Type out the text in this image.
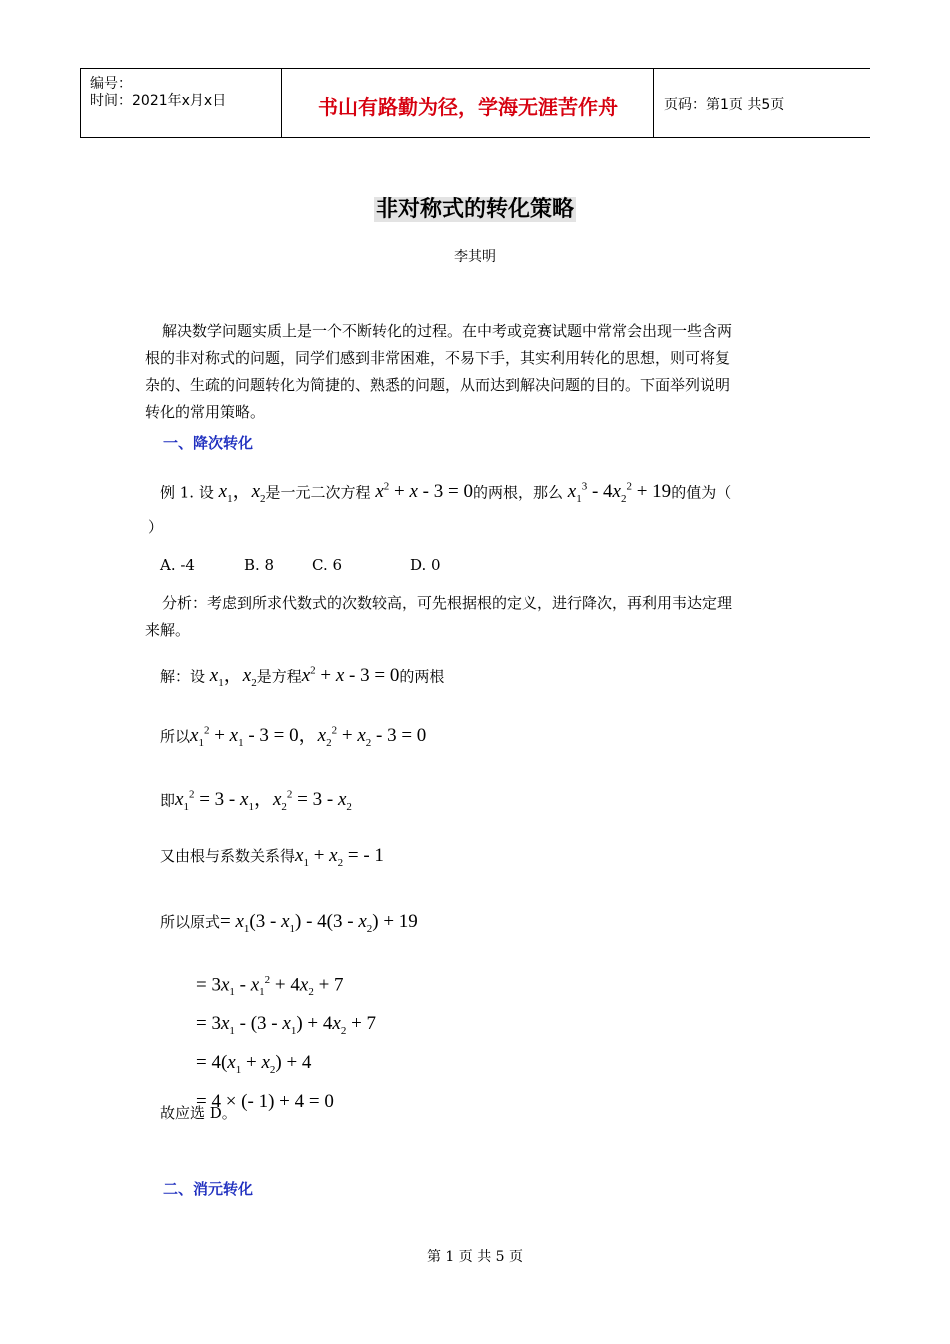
编号：
时间：2021年x月x日	书山有路勤为径，学海无涯苦作舟	页码：第1页 共5页
非对称式的转化策略
李其明
解决数学问题实质上是一个不断转化的过程。在中考或竞赛试题中常常会出现一些含两
根的非对称式的问题，同学们感到非常困难，不易下手，其实利用转化的思想，则可将复
杂的、生疏的问题转化为简捷的、熟悉的问题，从而达到解决问题的目的。下面举列说明
转化的常用策略。
一、降次转化
例 1. 设 $x_1$，$x_2$是一元二次方程 $x^2 + x - 3 = 0$的两根，那么 $x_1^3 - 4x_2^2 + 19$的值为（
）
A. -4	B. 8	C. 6	D. 0
分析：考虑到所求代数式的次数较高，可先根据根的定义，进行降次，再利用韦达定理
来解。
解：设 $x_1$，$x_2$是方程$x^2 + x - 3 = 0$的两根
所以$x_1^2 + x_1 - 3 = 0$，$x_2^2 + x_2 - 3 = 0$
即$x_1^2 = 3 - x_1$，$x_2^2 = 3 - x_2$
又由根与系数关系得$x_1 + x_2$ = - 1
所以原式= $x_1(3 - x_1) - 4(3 - x_2) + 19$
= $3x_1 - x_1^2 + 4x_2 + 7$
= $3x_1 - (3 - x_1) + 4x_2 + 7$
= $4(x_1 + x_2) + 4$
= 4 × (- 1) + 4 = 0
故应选 D。
二、消元转化
第 1 页 共 5 页
